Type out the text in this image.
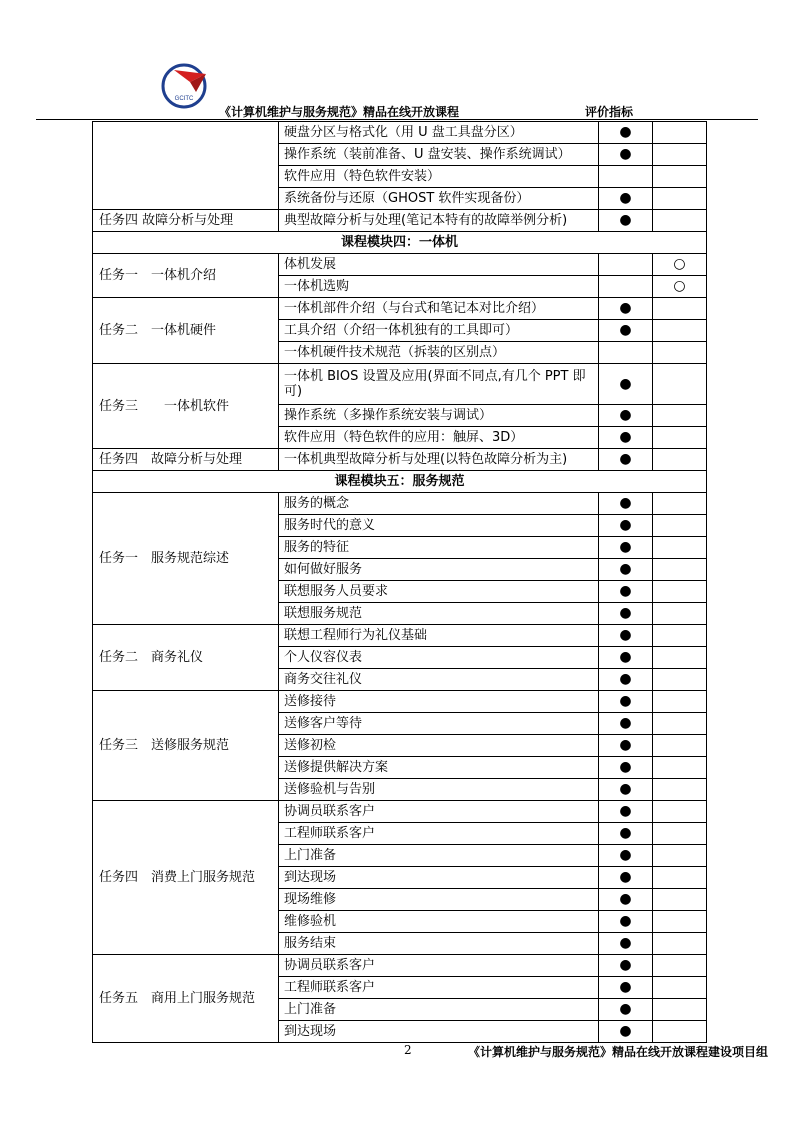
GCITC
《计算机维护与服务规范》精品在线开放课程	评价指标
	硬盘分区与格式化（用 U 盘工具盘分区）	●	
	操作系统（装前准备、U 盘安装、操作系统调试）	●	
	软件应用（特色软件安装）		
	系统备份与还原（GHOST 软件实现备份）	●	
任务四 故障分析与处理	典型故障分析与处理(笔记本特有的故障举例分析)	●	
课程模块四：一体机			
任务一　一体机介绍	体机发展		○
	一体机选购		○
任务二　一体机硬件	一体机部件介绍（与台式和笔记本对比介绍）	●	
	工具介绍（介绍一体机独有的工具即可）	●	
	一体机硬件技术规范（拆装的区别点）		
任务三　　一体机软件	一体机 BIOS 设置及应用(界面不同点,有几个 PPT 即可)	●	
	操作系统（多操作系统安装与调试）	●	
	软件应用（特色软件的应用：触屏、3D）	●	
任务四　故障分析与处理	一体机典型故障分析与处理(以特色故障分析为主)	●	
课程模块五：服务规范			
任务一　服务规范综述	服务的概念	●	
	服务时代的意义	●	
	服务的特征	●	
	如何做好服务	●	
	联想服务人员要求	●	
	联想服务规范	●	
任务二　商务礼仪	联想工程师行为礼仪基础	●	
	个人仪容仪表	●	
	商务交往礼仪	●	
任务三　送修服务规范	送修接待	●	
	送修客户等待	●	
	送修初检	●	
	送修提供解决方案	●	
	送修验机与告别	●	
任务四　消费上门服务规范	协调员联系客户	●	
	工程师联系客户	●	
	上门准备	●	
	到达现场	●	
	现场维修	●	
	维修验机	●	
	服务结束	●	
任务五　商用上门服务规范	协调员联系客户	●	
	工程师联系客户	●	
	上门准备	●	
	到达现场	●	
2	《计算机维护与服务规范》精品在线开放课程建设项目组
